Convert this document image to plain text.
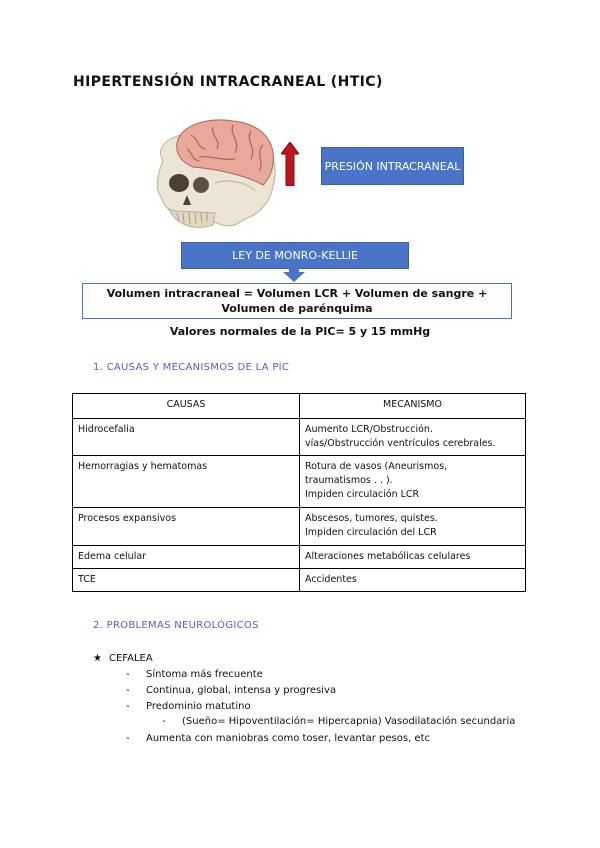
HIPERTENSIÓN INTRACRANEAL (HTIC)
PRESIÓN INTRACRANEAL
LEY DE MONRO-KELLIE
Volumen intracraneal = Volumen LCR + Volumen de sangre + Volumen de parénquima
Valores normales de la PIC= 5 y 15 mmHg
1. CAUSAS Y MECANISMOS DE LA PIC
CAUSAS	MECANISMO
Hidrocefalia	Aumento LCR/Obstrucción.
vías/Obstrucción ventrículos cerebrales.

Hemorragias y hematomas	Rotura de vasos (Aneurismos,
traumatismos . . ).
Impiden circulación LCR

Procesos expansivos	Abscesos, tumores, quistes.
Impiden circulación del LCR

Edema celular	Alteraciones metabólicas celulares

TCE	Accidentes
2. PROBLEMAS NEUROLÓGICOS
★ CEFALEA
- Síntoma más frecuente
- Continua, global, intensa y progresiva
- Predominio matutino
- (Sueño= Hipoventilación= Hipercapnia) Vasodilatación secundaria
- Aumenta con maniobras como toser, levantar pesos, etc
